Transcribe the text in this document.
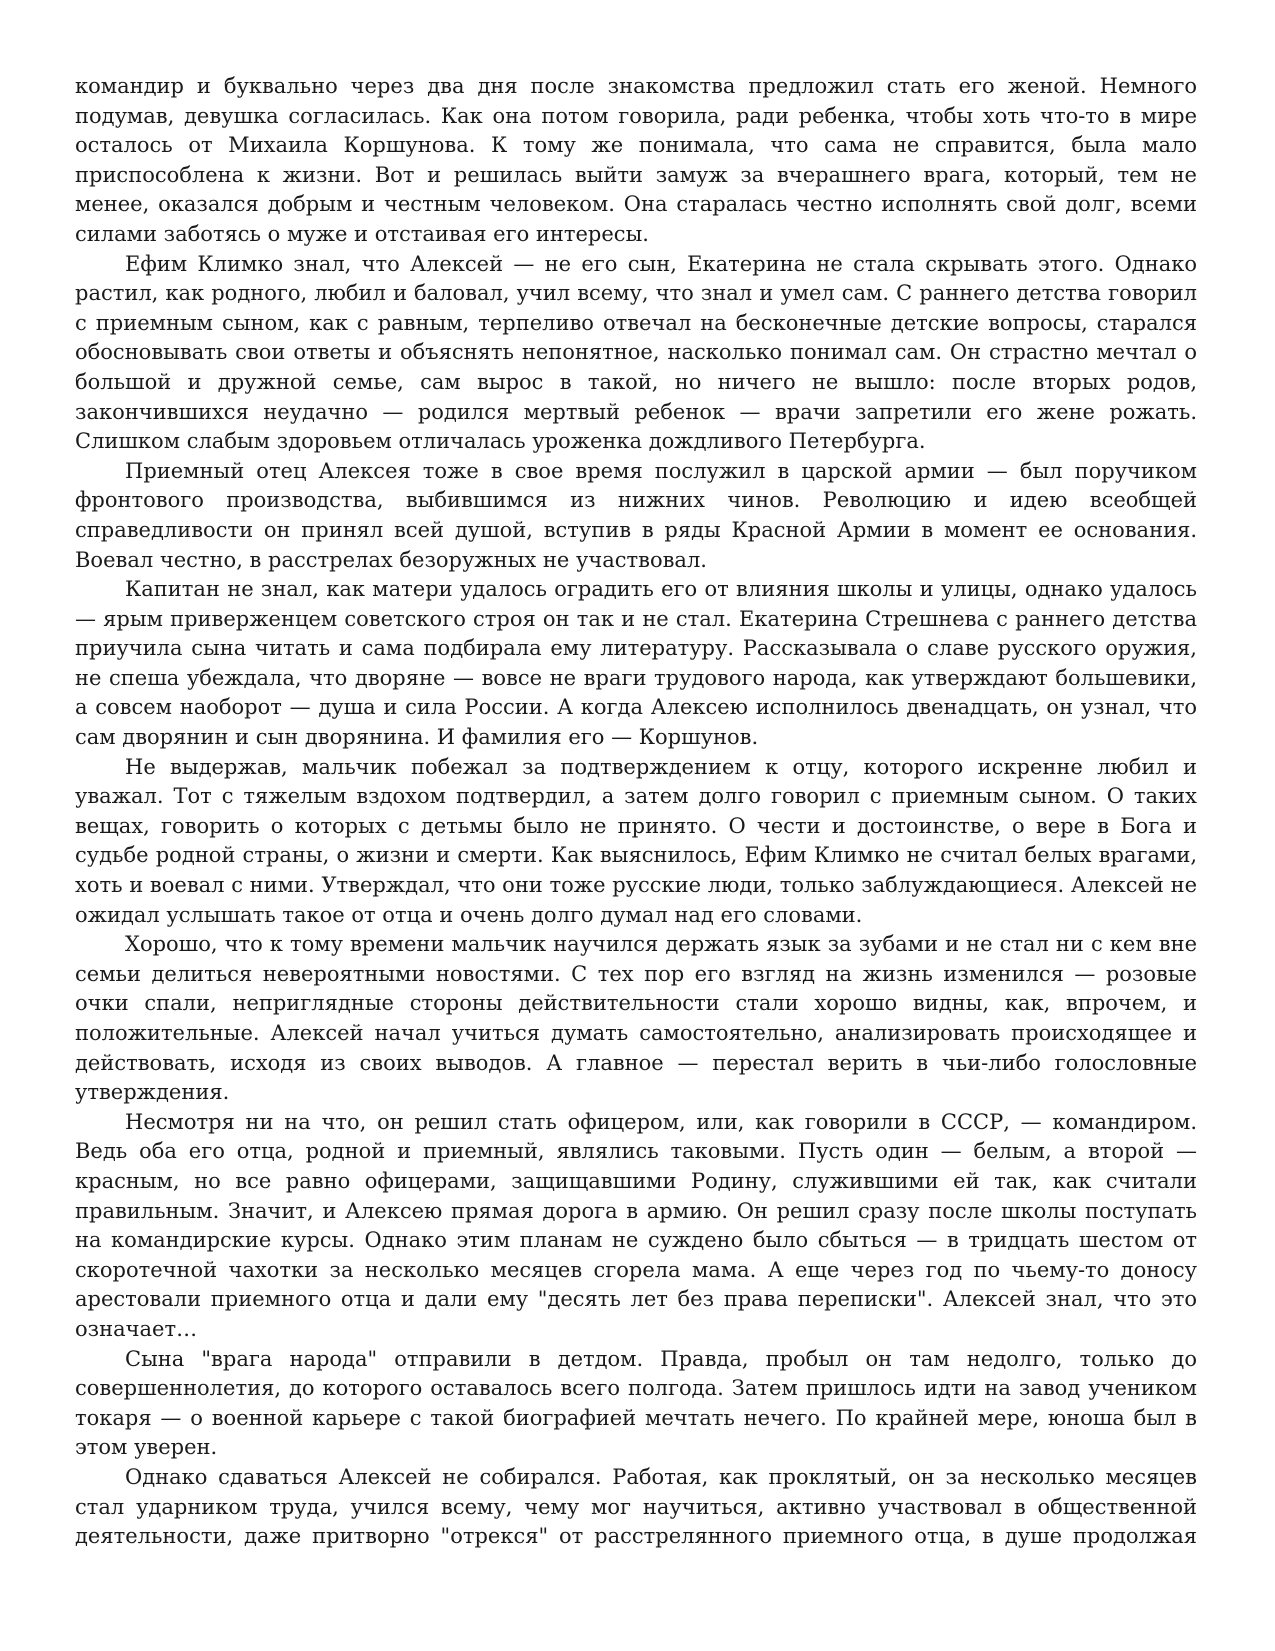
командир и буквально через два дня после знакомства предложил стать его женой. Немного подумав, девушка согласилась. Как она потом говорила, ради ребенка, чтобы хоть что-то в мире осталось от Михаила Коршунова. К тому же понимала, что сама не справится, была мало приспособлена к жизни. Вот и решилась выйти замуж за вчерашнего врага, который, тем не менее, оказался добрым и честным человеком. Она старалась честно исполнять свой долг, всеми силами заботясь о муже и отстаивая его интересы.

Ефим Климко знал, что Алексей — не его сын, Екатерина не стала скрывать этого. Однако растил, как родного, любил и баловал, учил всему, что знал и умел сам. С раннего детства говорил с приемным сыном, как с равным, терпеливо отвечал на бесконечные детские вопросы, старался обосновывать свои ответы и объяснять непонятное, насколько понимал сам. Он страстно мечтал о большой и дружной семье, сам вырос в такой, но ничего не вышло: после вторых родов, закончившихся неудачно — родился мертвый ребенок — врачи запретили его жене рожать. Слишком слабым здоровьем отличалась уроженка дождливого Петербурга.

Приемный отец Алексея тоже в свое время послужил в царской армии — был поручиком фронтового производства, выбившимся из нижних чинов. Революцию и идею всеобщей справедливости он принял всей душой, вступив в ряды Красной Армии в момент ее основания. Воевал честно, в расстрелах безоружных не участвовал.

Капитан не знал, как матери удалось оградить его от влияния школы и улицы, однако удалось — ярым приверженцем советского строя он так и не стал. Екатерина Стрешнева с раннего детства приучила сына читать и сама подбирала ему литературу. Рассказывала о славе русского оружия, не спеша убеждала, что дворяне — вовсе не враги трудового народа, как утверждают большевики, а совсем наоборот — душа и сила России. А когда Алексею исполнилось двенадцать, он узнал, что сам дворянин и сын дворянина. И фамилия его — Коршунов.

Не выдержав, мальчик побежал за подтверждением к отцу, которого искренне любил и уважал. Тот с тяжелым вздохом подтвердил, а затем долго говорил с приемным сыном. О таких вещах, говорить о которых с детьмы было не принято. О чести и достоинстве, о вере в Бога и судьбе родной страны, о жизни и смерти. Как выяснилось, Ефим Климко не считал белых врагами, хоть и воевал с ними. Утверждал, что они тоже русские люди, только заблуждающиеся. Алексей не ожидал услышать такое от отца и очень долго думал над его словами.

Хорошо, что к тому времени мальчик научился держать язык за зубами и не стал ни с кем вне семьи делиться невероятными новостями. С тех пор его взгляд на жизнь изменился — розовые очки спали, неприглядные стороны действительности стали хорошо видны, как, впрочем, и положительные. Алексей начал учиться думать самостоятельно, анализировать происходящее и действовать, исходя из своих выводов. А главное — перестал верить в чьи-либо голословные утверждения.

Несмотря ни на что, он решил стать офицером, или, как говорили в СССР, — командиром. Ведь оба его отца, родной и приемный, являлись таковыми. Пусть один — белым, а второй — красным, но все равно офицерами, защищавшими Родину, служившими ей так, как считали правильным. Значит, и Алексею прямая дорога в армию. Он решил сразу после школы поступать на командирские курсы. Однако этим планам не суждено было сбыться — в тридцать шестом от скоротечной чахотки за несколько месяцев сгорела мама. А еще через год по чьему-то доносу арестовали приемного отца и дали ему "десять лет без права переписки". Алексей знал, что это означает…

Сына "врага народа" отправили в детдом. Правда, пробыл он там недолго, только до совершеннолетия, до которого оставалось всего полгода. Затем пришлось идти на завод учеником токаря — о военной карьере с такой биографией мечтать нечего. По крайней мере, юноша был в этом уверен.

Однако сдаваться Алексей не собирался. Работая, как проклятый, он за несколько месяцев стал ударником труда, учился всему, чему мог научиться, активно участвовал в общественной деятельности, даже притворно "отрекся" от расстрелянного приемного отца, в душе продолжая
